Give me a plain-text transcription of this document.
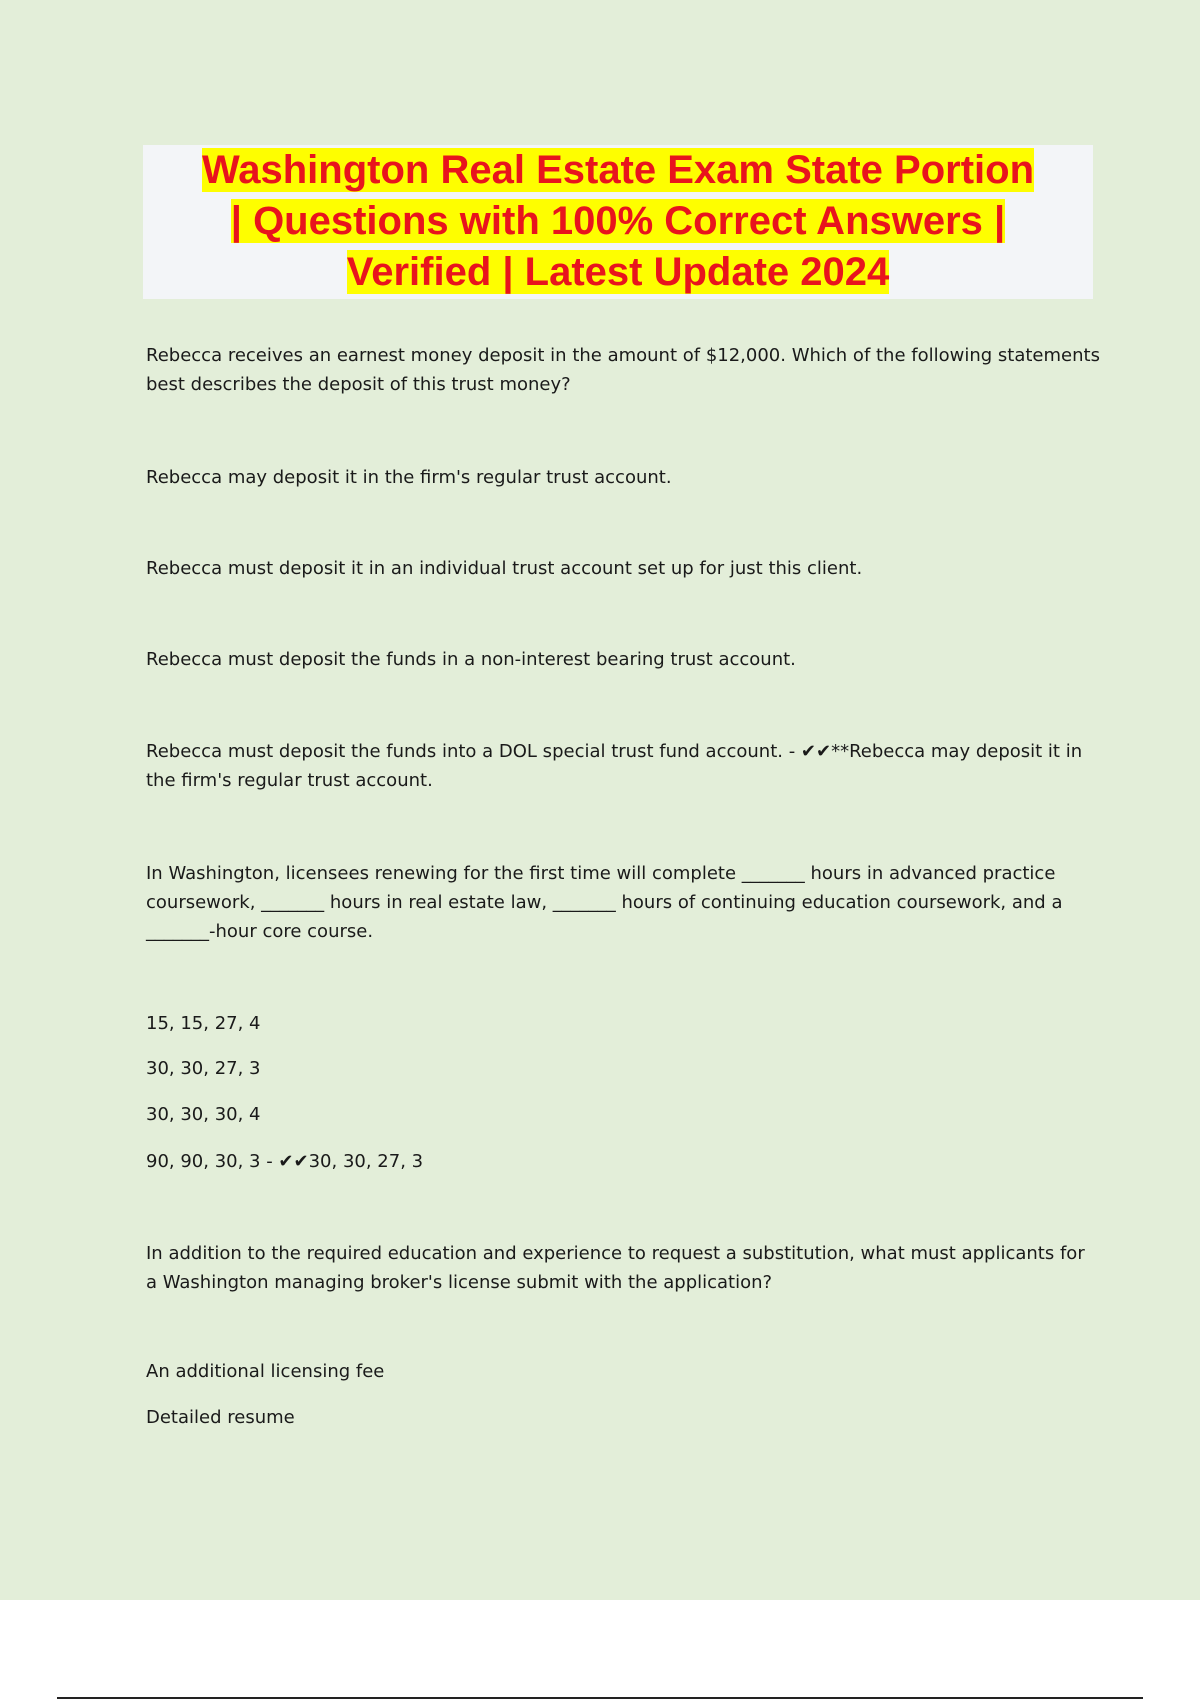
Washington Real Estate Exam State Portion
| Questions with 100% Correct Answers |
Verified | Latest Update 2024

Rebecca receives an earnest money deposit in the amount of $12,000. Which of the following statements best describes the deposit of this trust money?

Rebecca may deposit it in the firm's regular trust account.

Rebecca must deposit it in an individual trust account set up for just this client.

Rebecca must deposit the funds in a non-interest bearing trust account.

Rebecca must deposit the funds into a DOL special trust fund account. - ✔✔**Rebecca may deposit it in the firm's regular trust account.

In Washington, licensees renewing for the first time will complete _______ hours in advanced practice coursework, _______ hours in real estate law, _______ hours of continuing education coursework, and a _______-hour core course.

15, 15, 27, 4

30, 30, 27, 3

30, 30, 30, 4

90, 90, 30, 3 - ✔✔30, 30, 27, 3

In addition to the required education and experience to request a substitution, what must applicants for a Washington managing broker's license submit with the application?

An additional licensing fee

Detailed resume
